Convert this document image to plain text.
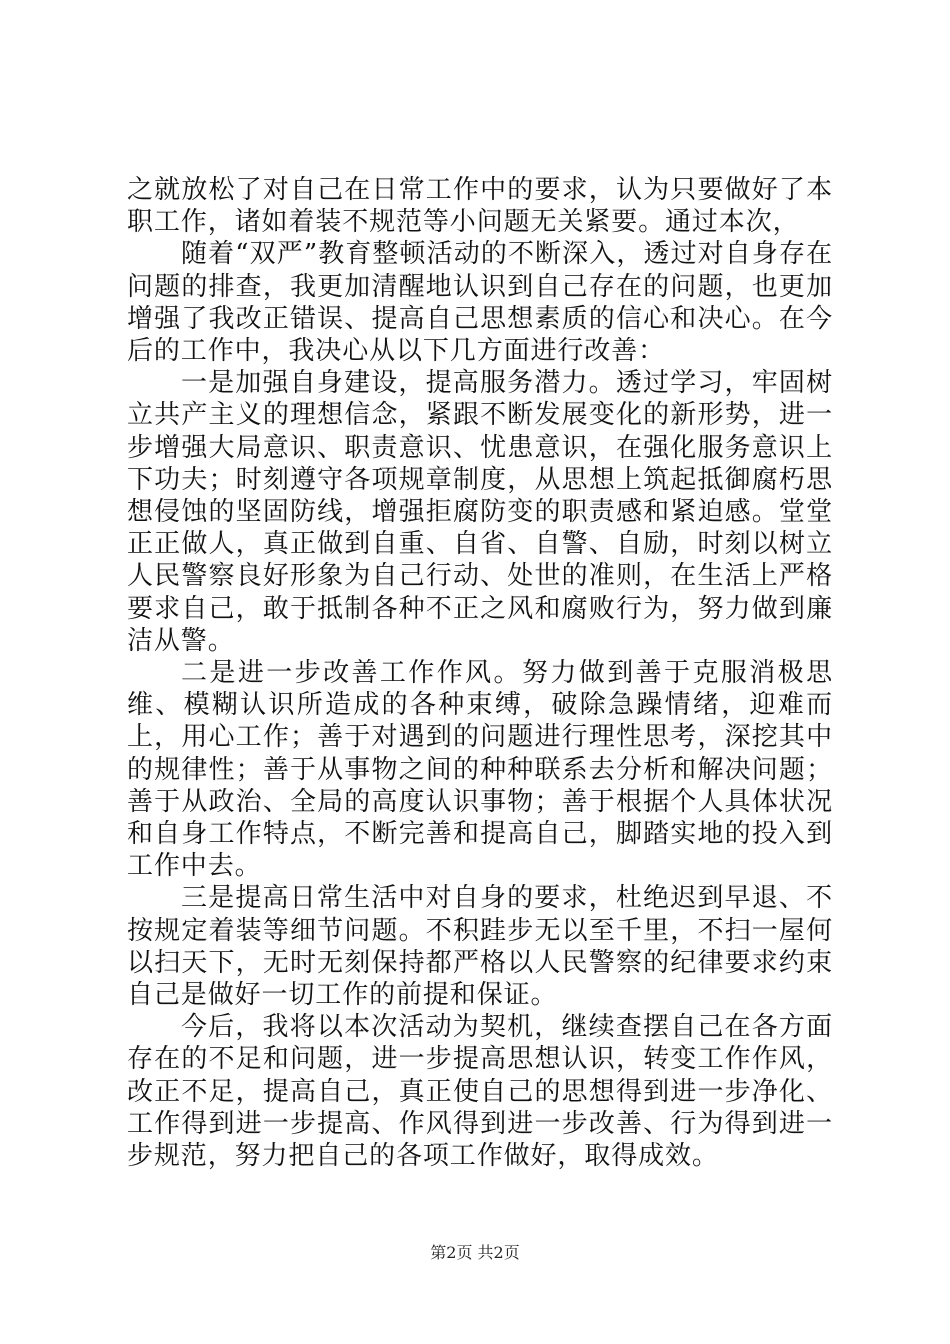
之就放松了对自己在日常工作中的要求，认为只要做好了本职工作，诸如着装不规范等小问题无关紧要。通过本次，

随着“双严”教育整顿活动的不断深入，透过对自身存在问题的排查，我更加清醒地认识到自己存在的问题，也更加增强了我改正错误、提高自己思想素质的信心和决心。在今后的工作中，我决心从以下几方面进行改善：

一是加强自身建设，提高服务潜力。透过学习，牢固树立共产主义的理想信念，紧跟不断发展变化的新形势，进一步增强大局意识、职责意识、忧患意识，在强化服务意识上下功夫；时刻遵守各项规章制度，从思想上筑起抵御腐朽思想侵蚀的坚固防线，增强拒腐防变的职责感和紧迫感。堂堂正正做人，真正做到自重、自省、自警、自励，时刻以树立人民警察良好形象为自己行动、处世的准则，在生活上严格要求自己，敢于抵制各种不正之风和腐败行为，努力做到廉洁从警。

二是进一步改善工作作风。努力做到善于克服消极思维、模糊认识所造成的各种束缚，破除急躁情绪，迎难而上，用心工作；善于对遇到的问题进行理性思考，深挖其中的规律性；善于从事物之间的种种联系去分析和解决问题；善于从政治、全局的高度认识事物；善于根据个人具体状况和自身工作特点，不断完善和提高自己，脚踏实地的投入到工作中去。

三是提高日常生活中对自身的要求，杜绝迟到早退、不按规定着装等细节问题。不积跬步无以至千里，不扫一屋何以扫天下，无时无刻保持都严格以人民警察的纪律要求约束自己是做好一切工作的前提和保证。

今后，我将以本次活动为契机，继续查摆自己在各方面存在的不足和问题，进一步提高思想认识，转变工作作风，改正不足，提高自己，真正使自己的思想得到进一步净化、工作得到进一步提高、作风得到进一步改善、行为得到进一步规范，努力把自己的各项工作做好，取得成效。

第2页 共2页
